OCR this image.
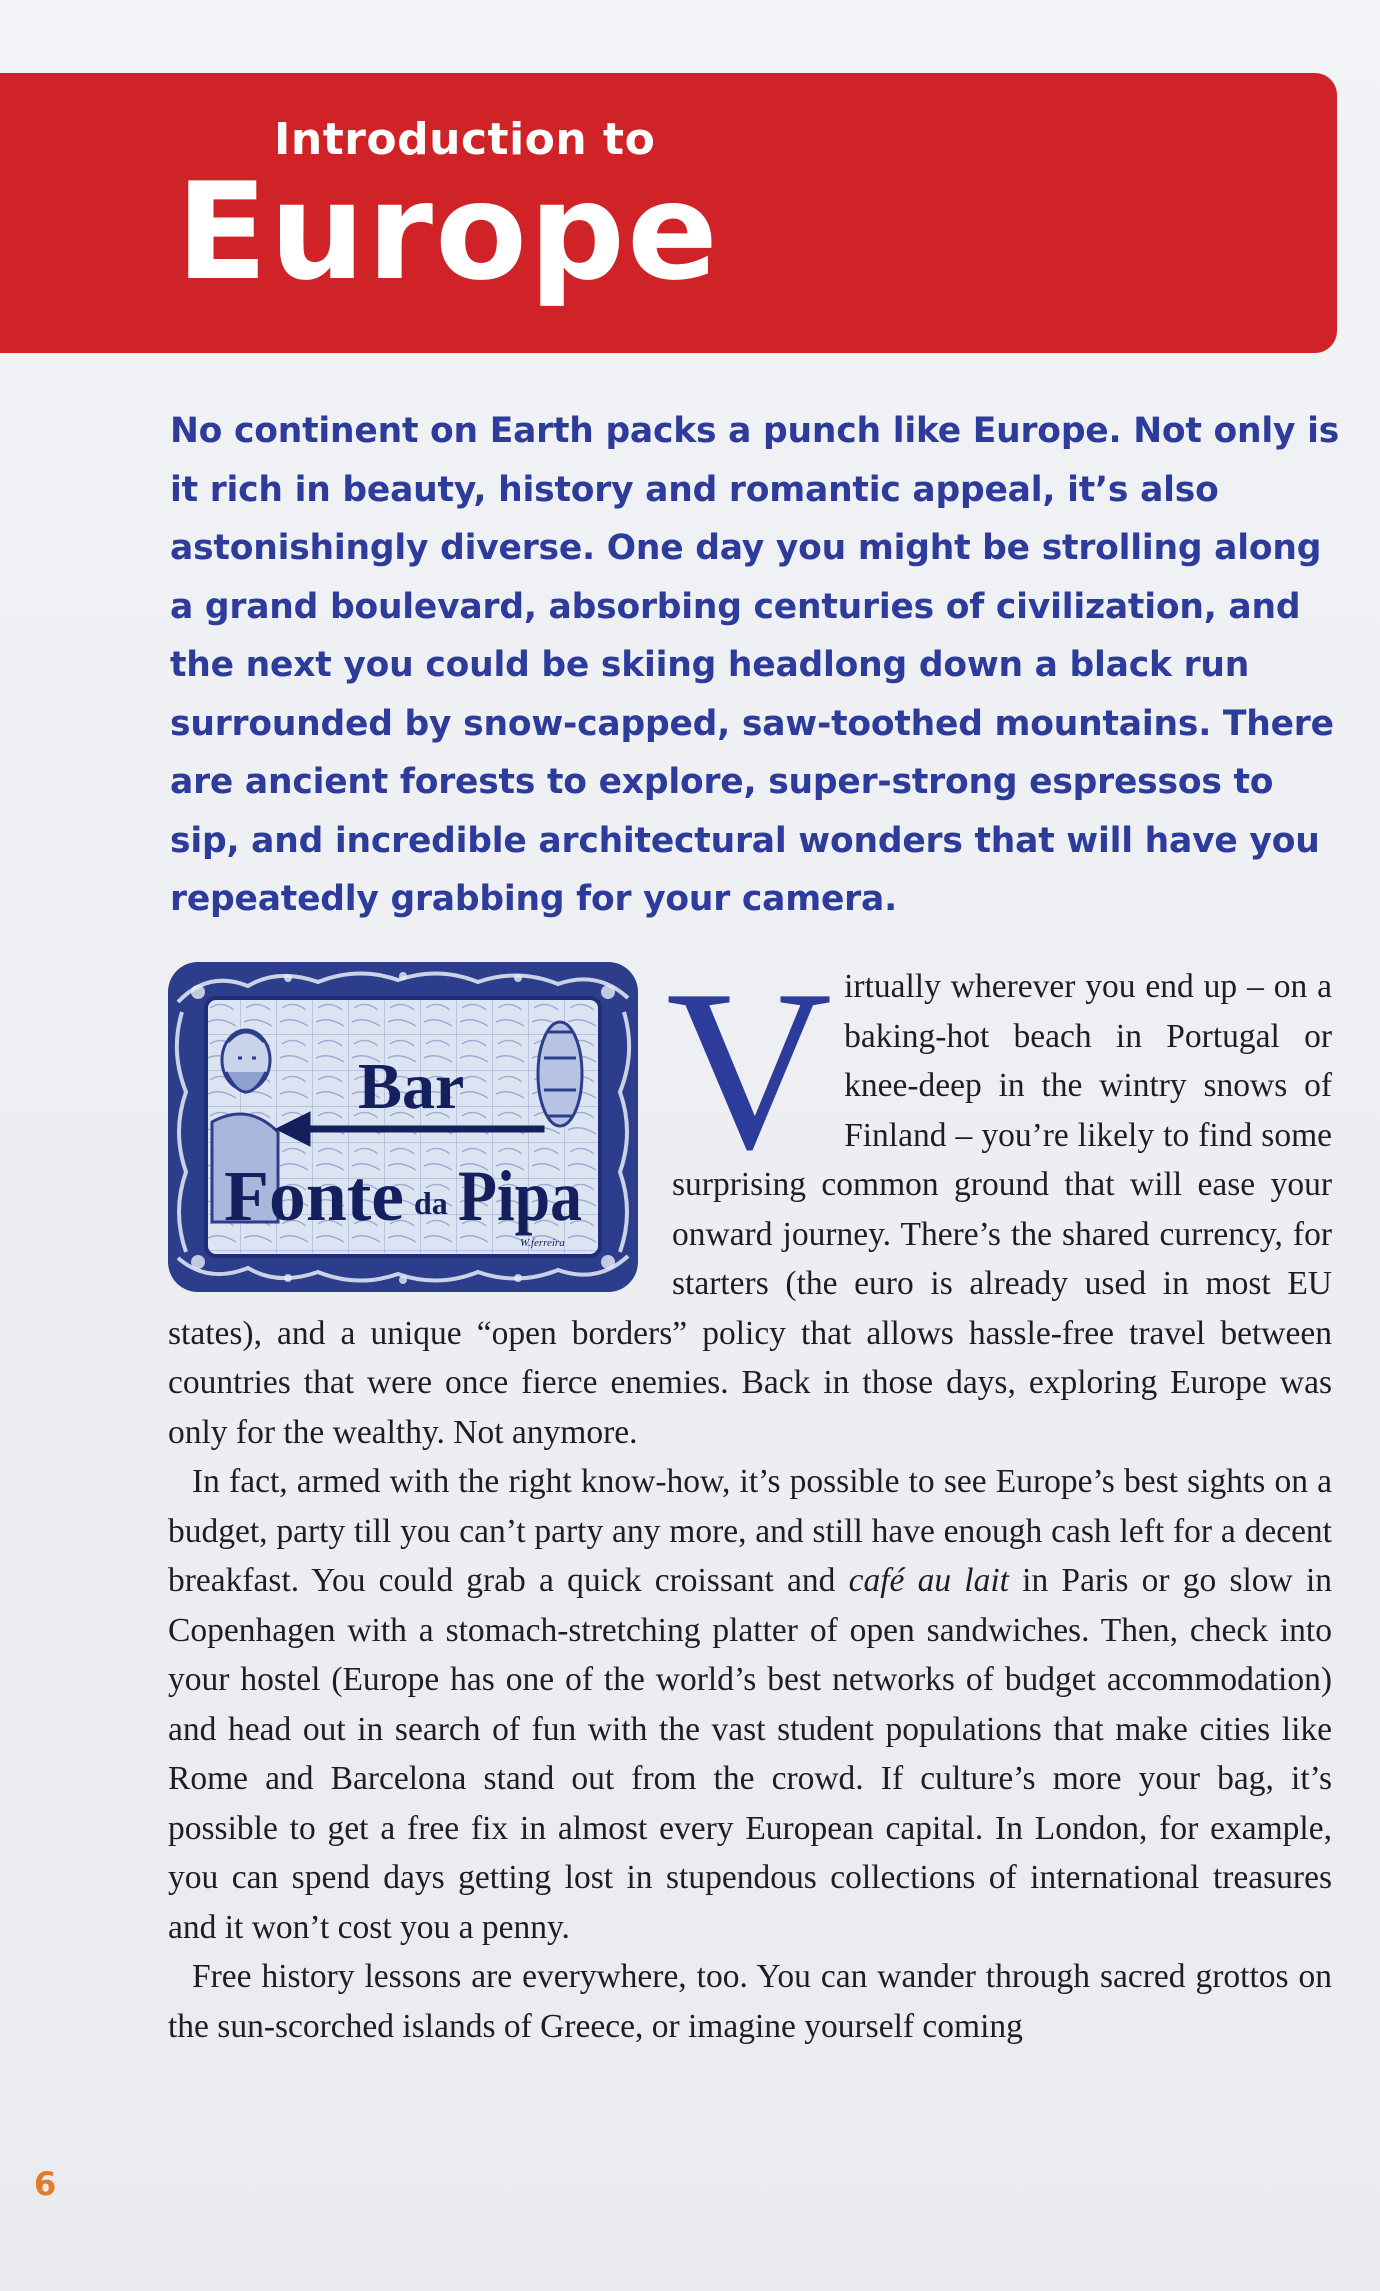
Introduction to
Europe
No continent on Earth packs a punch like Europe. Not only is it rich in beauty, history and romantic appeal, it’s also astonishingly diverse. One day you might be strolling along a grand boulevard, absorbing centuries of civilization, and the next you could be skiing headlong down a black run surrounded by snow-capped, saw-toothed mountains. There are ancient forests to explore, super-strong espressos to sip, and incredible architectural wonders that will have you repeatedly grabbing for your camera.
Bar
Fonte da Pipa
W.ferreira

Virtually wherever you end up – on a baking-hot beach in Portugal or knee-deep in the wintry snows of Finland – you’re likely to find some surprising common ground that will ease your onward journey. There’s the shared currency, for starters (the euro is already used in most EU states), and a unique “open borders” policy that allows hassle-free travel between countries that were once fierce enemies. Back in those days, exploring Europe was only for the wealthy. Not anymore.

In fact, armed with the right know-how, it’s possible to see Europe’s best sights on a budget, party till you can’t party any more, and still have enough cash left for a decent breakfast. You could grab a quick croissant and café au lait in Paris or go slow in Copenhagen with a stomach-stretching platter of open sandwiches. Then, check into your hostel (Europe has one of the world’s best networks of budget accommodation) and head out in search of fun with the vast student populations that make cities like Rome and Barcelona stand out from the crowd. If culture’s more your bag, it’s possible to get a free fix in almost every European capital. In London, for example, you can spend days getting lost in stupendous collections of international treasures and it won’t cost you a penny.

Free history lessons are everywhere, too. You can wander through sacred grottos on the sun-scorched islands of Greece, or imagine yourself coming

6
